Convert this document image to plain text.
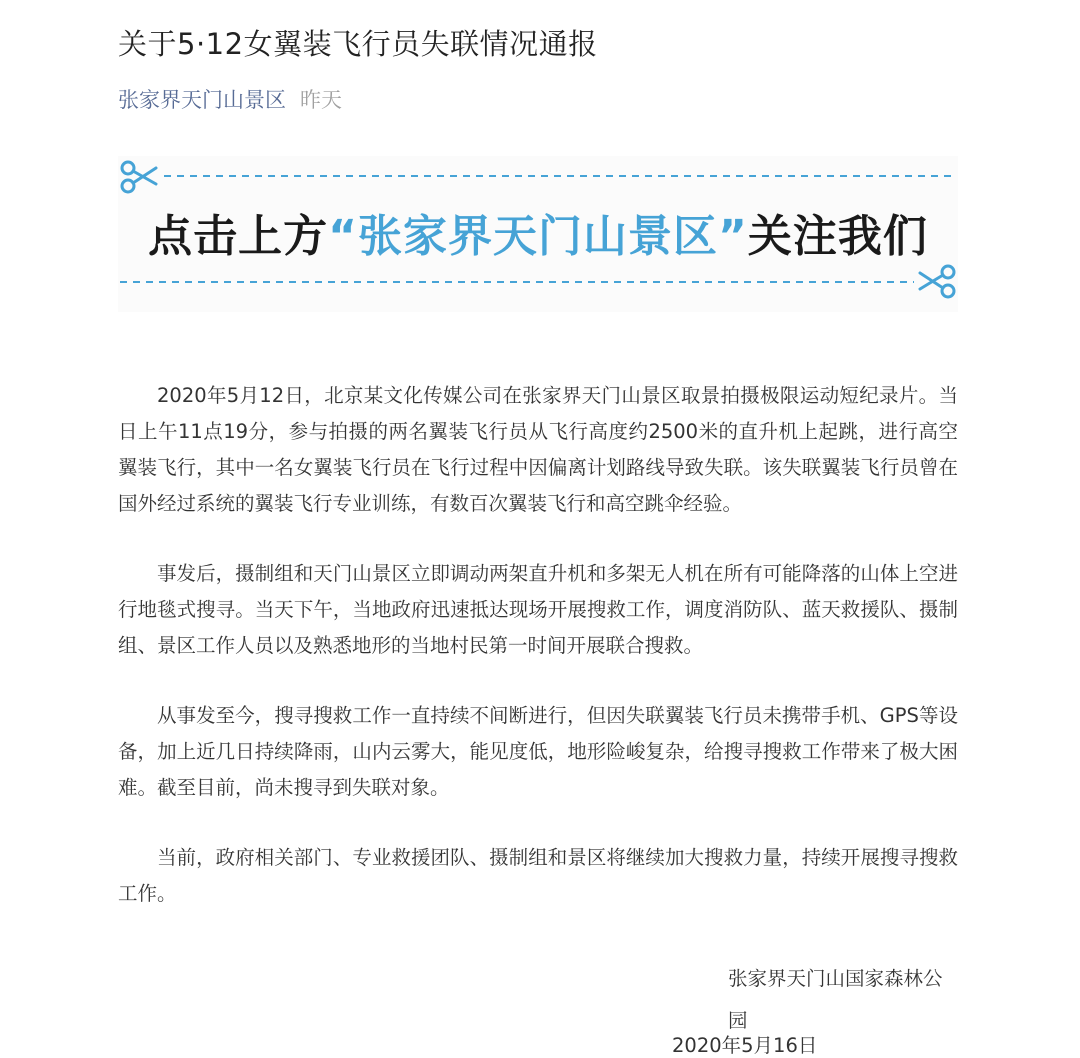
关于5·12女翼装飞行员失联情况通报
张家界天门山景区 昨天
点击上方“张家界天门山景区”关注我们

2020年5月12日，北京某文化传媒公司在张家界天门山景区取景拍摄极限运动短纪录片。当日上午11点19分，参与拍摄的两名翼装飞行员从飞行高度约2500米的直升机上起跳，进行高空翼装飞行，其中一名女翼装飞行员在飞行过程中因偏离计划路线导致失联。该失联翼装飞行员曾在国外经过系统的翼装飞行专业训练，有数百次翼装飞行和高空跳伞经验。

事发后，摄制组和天门山景区立即调动两架直升机和多架无人机在所有可能降落的山体上空进行地毯式搜寻。当天下午，当地政府迅速抵达现场开展搜救工作，调度消防队、蓝天救援队、摄制组、景区工作人员以及熟悉地形的当地村民第一时间开展联合搜救。

从事发至今，搜寻搜救工作一直持续不间断进行，但因失联翼装飞行员未携带手机、GPS等设备，加上近几日持续降雨，山内云雾大，能见度低，地形险峻复杂，给搜寻搜救工作带来了极大困难。截至目前，尚未搜寻到失联对象。

当前，政府相关部门、专业救援团队、摄制组和景区将继续加大搜救力量，持续开展搜寻搜救工作。

张家界天门山国家森林公园
2020年5月16日
